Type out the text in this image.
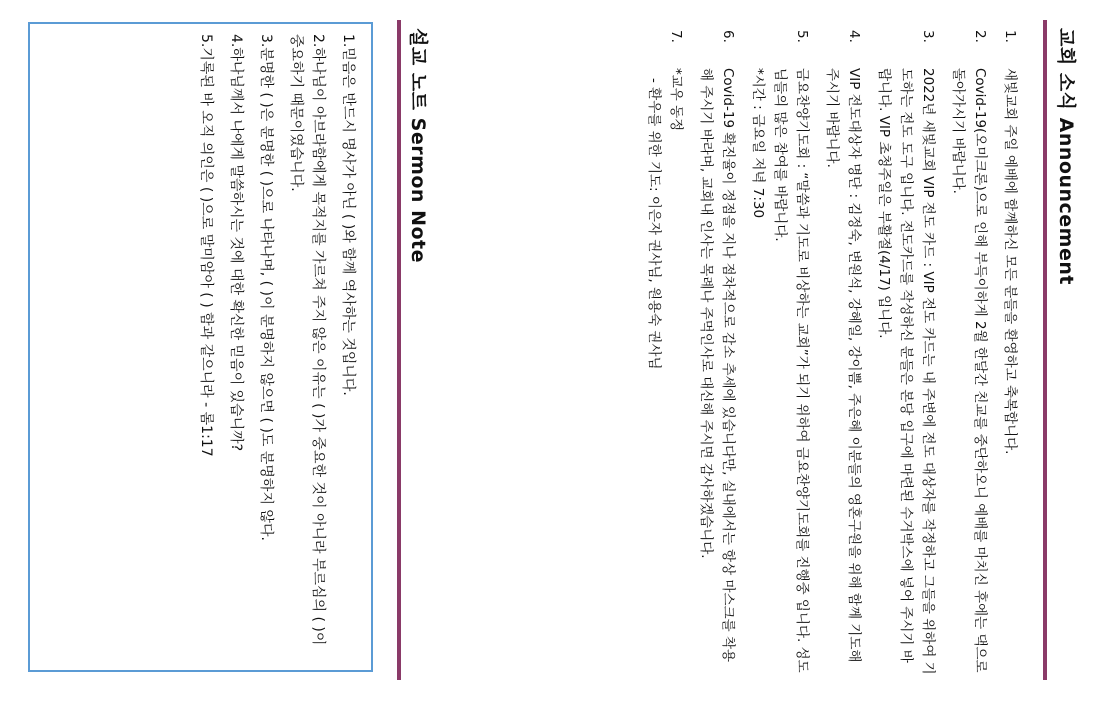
교회 소식 Announcement
1.
새빛교회 주일 예배에 함께하신 모든 분들을 환영하고 축복합니다.
2.
Covid-19(오미크론)으로 인해 부득이하게 2월 한달간 친교를 중단하오니 예배를 마치신 후에는 댁으로 돌아가시기 바랍니다.
3.
2022년 새빛교회 VIP 전도 카드 : VIP 전도 카드는 내 주변에 전도 대상자를 작정하고 그들을 위하여 기도하는 전도 도구 입니다. 전도카드를 작성하신 분들은 본당 입구에 마련된 수거박스에 넣어 주시기 바랍니다. VIP 초청주일은 부활절(4/17) 입니다.
4.
VIP 전도대상자 명단 : 김정숙, 변원석, 강혜일, 강이쁨, 주은혜 이분들의 영혼구원을 위해 함께 기도해 주시기 바랍니다.
5.
금요찬양기도회 : “말씀과 기도로 비상하는 교회”가 되기 위하여 금요찬양기도회를 진행중 입니다. 성도님들의 많은 참여를 바랍니다.
*시간 : 금요일 저녁 7:30
6.
Covid-19 확진율이 정점을 지나 점차적으로 감소 추세에 있습니다만, 실내에서는 항상 마스크를 착용해 주시기 바라며, 교회내 인사는 목례나 주먹인사로 대신해 주시면 감사하겠습니다.
7.
*교우 동정
- 환우를 위한 기도: 이은자 권사님, 원용숙 권사님
설교 노트 Sermon Note
1.믿음은 반드시 명사가 아닌 ( )와 함께 역사하는 것입니다.
2.하나님이 아브라함에게 목적지를 가르쳐 주지 않은 이유는 ( )가 중요한 것이 아니라 부르심의 ( )이 중요하기 때문이였습니다.
3.분명한 ( )은 분명한 ( )으로 나타나며, ( )이 분명하지 않으면 ( )도 분명하지 않다.
4.하나님께서 나에게 말씀하시는 것에 대한 확신한 믿음이 있습니까?
5.기록된 바 오직 의인은 ( )으로 말미암아 ( ) 함과 같으니라 - 롬1:17
